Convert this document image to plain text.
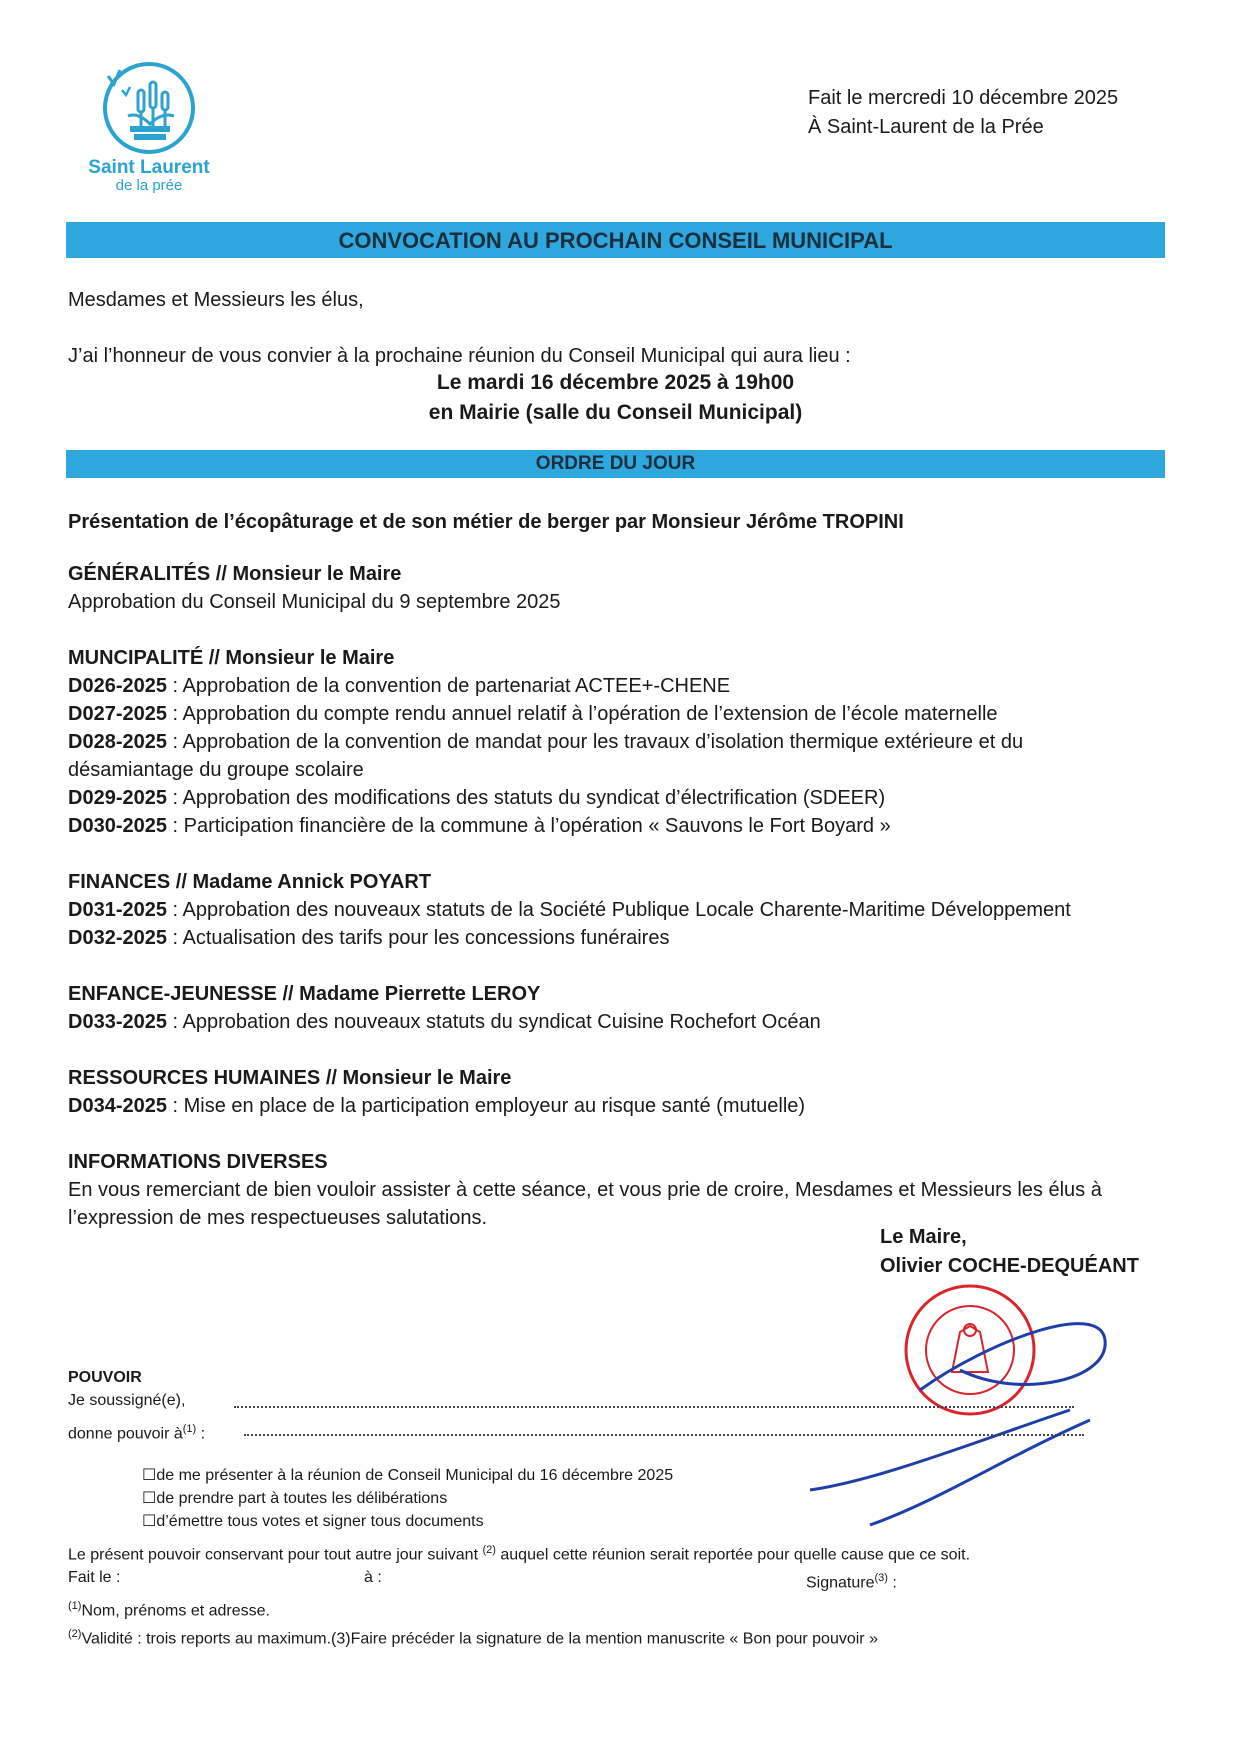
Saint Laurent
de la prée
Fait le mercredi 10 décembre 2025
À Saint-Laurent de la Prée
CONVOCATION AU PROCHAIN CONSEIL MUNICIPAL
Mesdames et Messieurs les élus,
J’ai l’honneur de vous convier à la prochaine réunion du Conseil Municipal qui aura lieu :
Le mardi 16 décembre 2025 à 19h00
en Mairie (salle du Conseil Municipal)
ORDRE DU JOUR
Présentation de l’écopâturage et de son métier de berger par Monsieur Jérôme TROPINI
GÉNÉRALITÉS // Monsieur le Maire
Approbation du Conseil Municipal du 9 septembre 2025
MUNCIPALITÉ // Monsieur le Maire
D026-2025 : Approbation de la convention de partenariat ACTEE+-CHENE
D027-2025 : Approbation du compte rendu annuel relatif à l’opération de l’extension de l’école maternelle
D028-2025 : Approbation de la convention de mandat pour les travaux d’isolation thermique extérieure et du désamiantage du groupe scolaire
D029-2025 : Approbation des modifications des statuts du syndicat d’électrification (SDEER)
D030-2025 : Participation financière de la commune à l’opération « Sauvons le Fort Boyard »
FINANCES // Madame Annick POYART
D031-2025 : Approbation des nouveaux statuts de la Société Publique Locale Charente-Maritime Développement
D032-2025 : Actualisation des tarifs pour les concessions funéraires
ENFANCE-JEUNESSE // Madame Pierrette LEROY
D033-2025 : Approbation des nouveaux statuts du syndicat Cuisine Rochefort Océan
RESSOURCES HUMAINES // Monsieur le Maire
D034-2025 : Mise en place de la participation employeur au risque santé (mutuelle)
INFORMATIONS DIVERSES
En vous remerciant de bien vouloir assister à cette séance, et vous prie de croire, Mesdames et Messieurs les élus à l’expression de mes respectueuses salutations.
Le Maire,
Olivier COCHE-DEQUÉANT
POUVOIR
Je soussigné(e),
donne pouvoir $à^{(1)}$ :
☐de me présenter à la réunion de Conseil Municipal du 16 décembre 2025
☐de prendre part à toutes les délibérations
☐d’émettre tous votes et signer tous documents
Le présent pouvoir conservant pour tout autre jour suivant $^{(2)}$ auquel cette réunion serait reportée pour quelle cause que ce soit.
Fait le :	à :	Signature$^{(3)}$ :
$^{(1)}$Nom, prénoms et adresse.
$^{(2)}$Validité : trois reports au maximum.(3)Faire précéder la signature de la mention manuscrite « Bon pour pouvoir »
